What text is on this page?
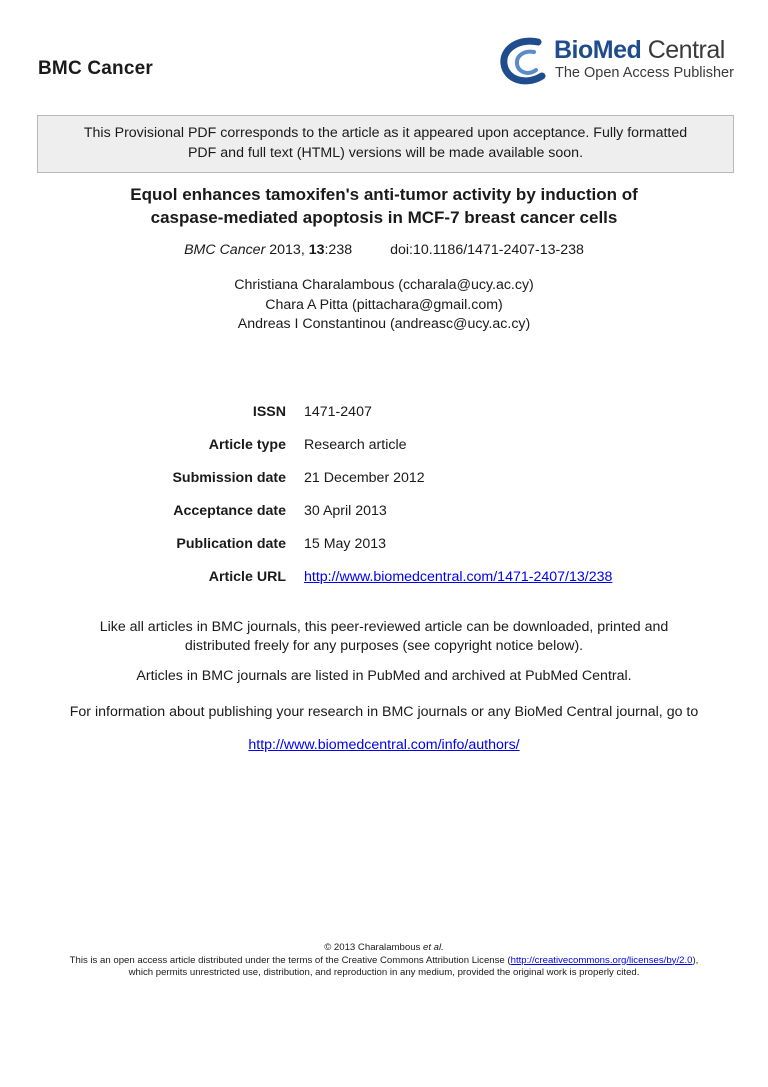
BMC Cancer
BioMed Central
The Open Access Publisher
This Provisional PDF corresponds to the article as it appeared upon acceptance. Fully formatted
PDF and full text (HTML) versions will be made available soon.
Equol enhances tamoxifen's anti-tumor activity by induction of
caspase-mediated apoptosis in MCF-7 breast cancer cells
BMC Cancer 2013, 13:238	doi:10.1186/1471-2407-13-238
Christiana Charalambous (ccharala@ucy.ac.cy)
Chara A Pitta (pittachara@gmail.com)
Andreas I Constantinou (andreasc@ucy.ac.cy)
ISSN 1471-2407
Article type Research article
Submission date 21 December 2012
Acceptance date 30 April 2013
Publication date 15 May 2013
Article URL http://www.biomedcentral.com/1471-2407/13/238
Like all articles in BMC journals, this peer-reviewed article can be downloaded, printed and
distributed freely for any purposes (see copyright notice below).
Articles in BMC journals are listed in PubMed and archived at PubMed Central.
For information about publishing your research in BMC journals or any BioMed Central journal, go to
http://www.biomedcentral.com/info/authors/
© 2013 Charalambous et al.
This is an open access article distributed under the terms of the Creative Commons Attribution License (http://creativecommons.org/licenses/by/2.0),
which permits unrestricted use, distribution, and reproduction in any medium, provided the original work is properly cited.
